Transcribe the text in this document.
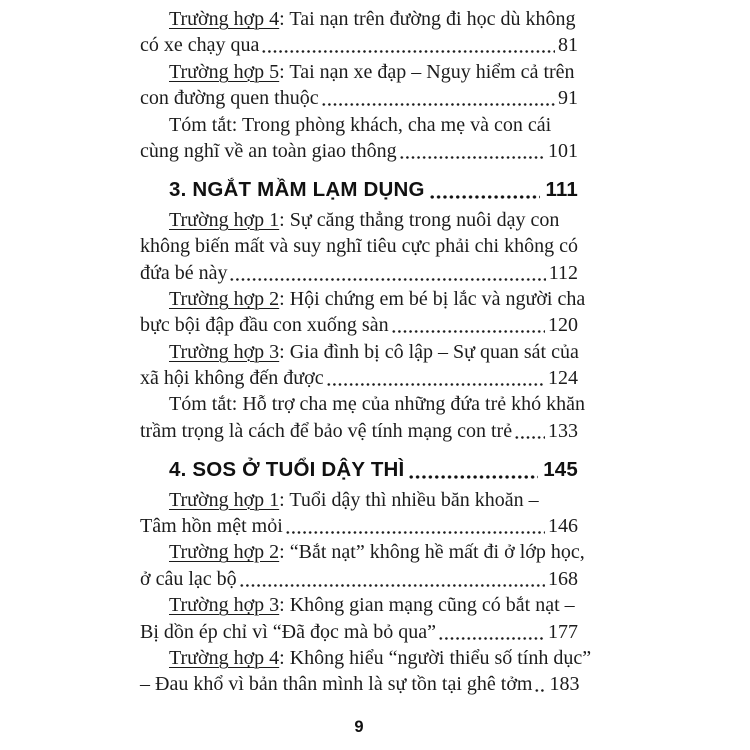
Trường hợp 4 : Tai nạn trên đường đi học dù không
có xe chạy qua	81
Trường hợp 5 : Tai nạn xe đạp – Nguy hiểm cả trên
con đường quen thuộc	91
Tóm tắt: Trong phòng khách, cha mẹ và con cái
cùng nghĩ về an toàn giao thông	101
3. NGẮT MẦM LẠM DỤNG	111
Trường hợp 1 : Sự căng thẳng trong nuôi dạy con
không biến mất và suy nghĩ tiêu cực phải chi không có
đứa bé này	112
Trường hợp 2 : Hội chứng em bé bị lắc và người cha
bực bội đập đầu con xuống sàn	120
Trường hợp 3 : Gia đình bị cô lập – Sự quan sát của
xã hội không đến được	124
Tóm tắt: Hỗ trợ cha mẹ của những đứa trẻ khó khăn
trầm trọng là cách để bảo vệ tính mạng con trẻ 133
4. SOS Ở TUỔI DẬY THÌ	145
Trường hợp 1 : Tuổi dậy thì nhiều băn khoăn –
Tâm hồn mệt mỏi	146
Trường hợp 2 : “Bắt nạt” không hề mất đi ở lớp học,
ở câu lạc bộ	168
Trường hợp 3 : Không gian mạng cũng có bắt nạt –
Bị dồn ép chỉ vì “Đã đọc mà bỏ qua”	177
Trường hợp 4 : Không hiểu “người thiểu số tính dục”
– Đau khổ vì bản thân mình là sự tồn tại ghê tởm 183
9
